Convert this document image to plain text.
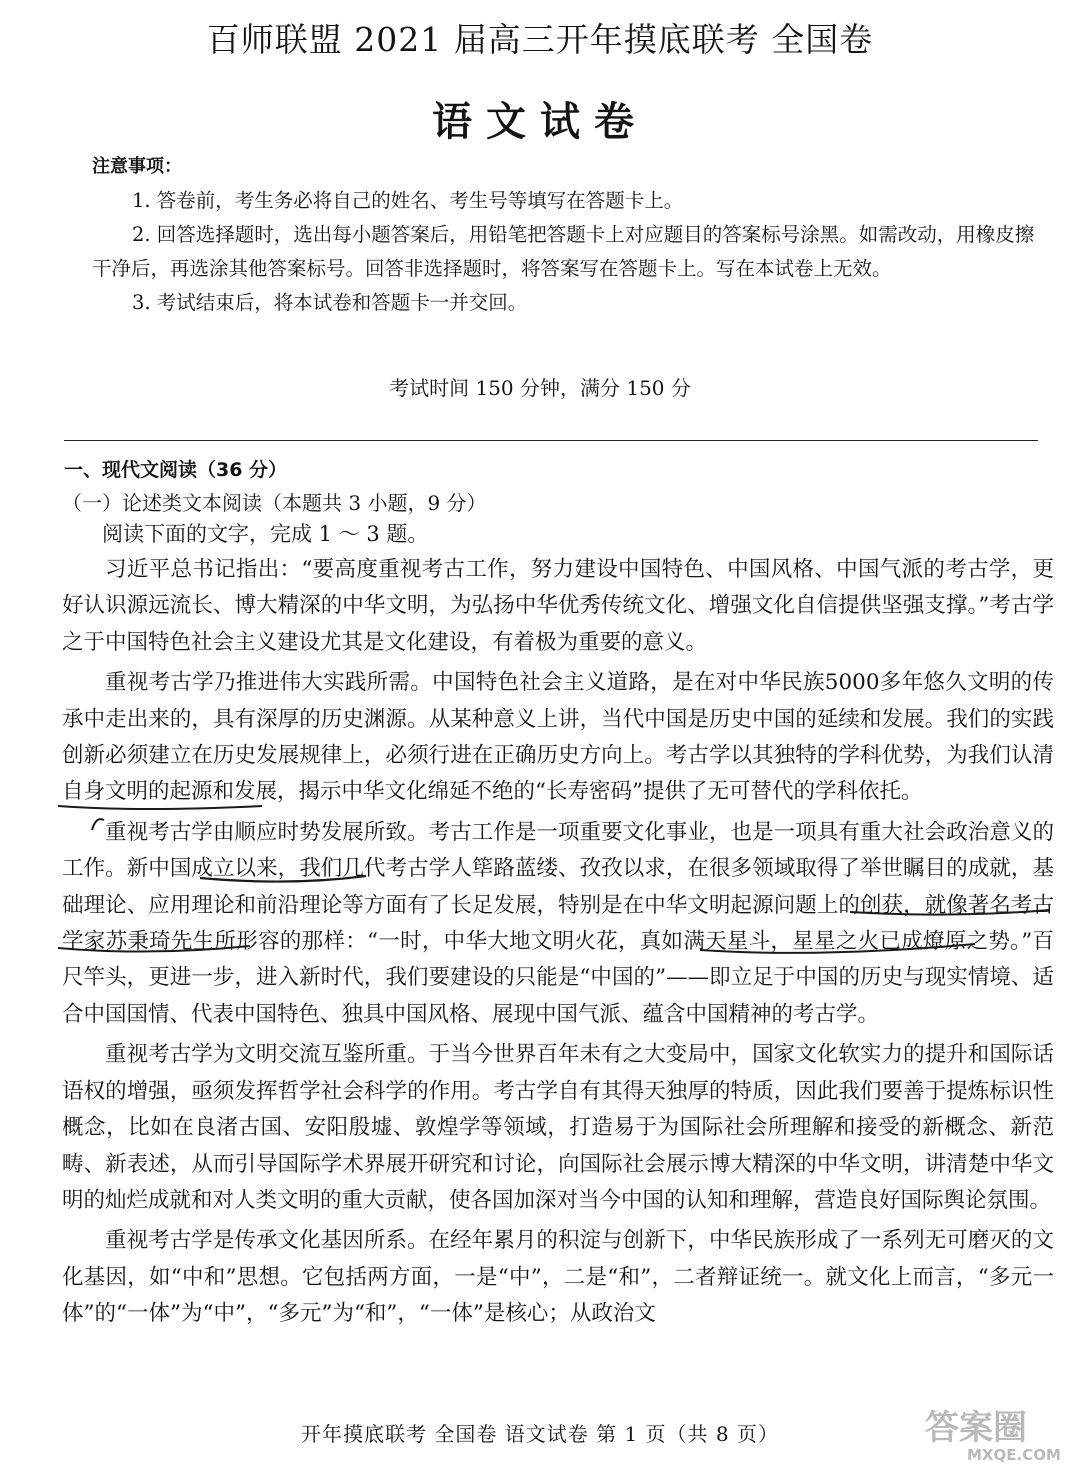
百师联盟 2021 届高三开年摸底联考 全国卷
语文试卷
注意事项：
1. 答卷前，考生务必将自己的姓名、考生号等填写在答题卡上。
2. 回答选择题时，选出每小题答案后，用铅笔把答题卡上对应题目的答案标号涂黑。如需改动，用橡皮擦干净后，再选涂其他答案标号。回答非选择题时，将答案写在答题卡上。写在本试卷上无效。
3. 考试结束后，将本试卷和答题卡一并交回。
考试时间 150 分钟，满分 150 分
一、现代文阅读（36 分）
（一）论述类文本阅读（本题共 3 小题，9 分）
阅读下面的文字，完成 1 ～ 3 题。

习近平总书记指出：“要高度重视考古工作，努力建设中国特色、中国风格、中国气派的考古学，更好认识源远流长、博大精深的中华文明，为弘扬中华优秀传统文化、增强文化自信提供坚强支撑。”考古学之于中国特色社会主义建设尤其是文化建设，有着极为重要的意义。

重视考古学乃推进伟大实践所需。中国特色社会主义道路，是在对中华民族5000多年悠久文明的传承中走出来的，具有深厚的历史渊源。从某种意义上讲，当代中国是历史中国的延续和发展。我们的实践创新必须建立在历史发展规律上，必须行进在正确历史方向上。考古学以其独特的学科优势，为我们认清自身文明的起源和发展，揭示中华文化绵延不绝的“长寿密码”提供了无可替代的学科依托。

重视考古学由顺应时势发展所致。考古工作是一项重要文化事业，也是一项具有重大社会政治意义的工作。新中国成立以来，我们几代考古学人筚路蓝缕、孜孜以求，在很多领域取得了举世瞩目的成就，基础理论、应用理论和前沿理论等方面有了长足发展，特别是在中华文明起源问题上的创获，就像著名考古学家苏秉琦先生所形容的那样：“一时，中华大地文明火花，真如满天星斗，星星之火已成燎原之势。”百尺竿头，更进一步，进入新时代，我们要建设的只能是“中国的”——即立足于中国的历史与现实情境、适合中国国情、代表中国特色、独具中国风格、展现中国气派、蕴含中国精神的考古学。

重视考古学为文明交流互鉴所重。于当今世界百年未有之大变局中，国家文化软实力的提升和国际话语权的增强，亟须发挥哲学社会科学的作用。考古学自有其得天独厚的特质，因此我们要善于提炼标识性概念，比如在良渚古国、安阳殷墟、敦煌学等领域，打造易于为国际社会所理解和接受的新概念、新范畴、新表述，从而引导国际学术界展开研究和讨论，向国际社会展示博大精深的中华文明，讲清楚中华文明的灿烂成就和对人类文明的重大贡献，使各国加深对当今中国的认知和理解，营造良好国际舆论氛围。

重视考古学是传承文化基因所系。在经年累月的积淀与创新下，中华民族形成了一系列无可磨灭的文化基因，如“中和”思想。它包括两方面，一是“中”，二是“和”，二者辩证统一。就文化上而言，“多元一体”的“一体”为“中”，“多元”为“和”，“一体”是核心；从政治文

开年摸底联考 全国卷 语文试卷 第 1 页（共 8 页）	答案圈
MXQE.COM
